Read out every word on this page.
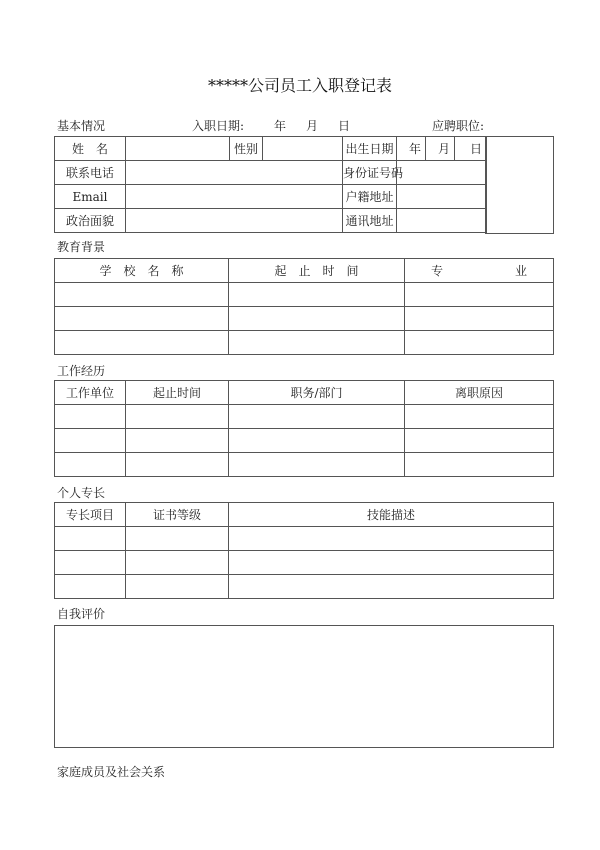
*****公司员工入职登记表
基本情况	入职日期: 年 月 日	应聘职位:
姓　名		性别		出生日期	年	月	日
联系电话				身份证号码			
Email				户籍地址			
政治面貌				通讯地址			
教育背景
学　校　名　称	起　止　时　间	专　　　　　　业

工作经历
工作单位	起止时间	职务/部门	离职原因

个人专长
专长项目	证书等级	技能描述

自我评价
家庭成员及社会关系
